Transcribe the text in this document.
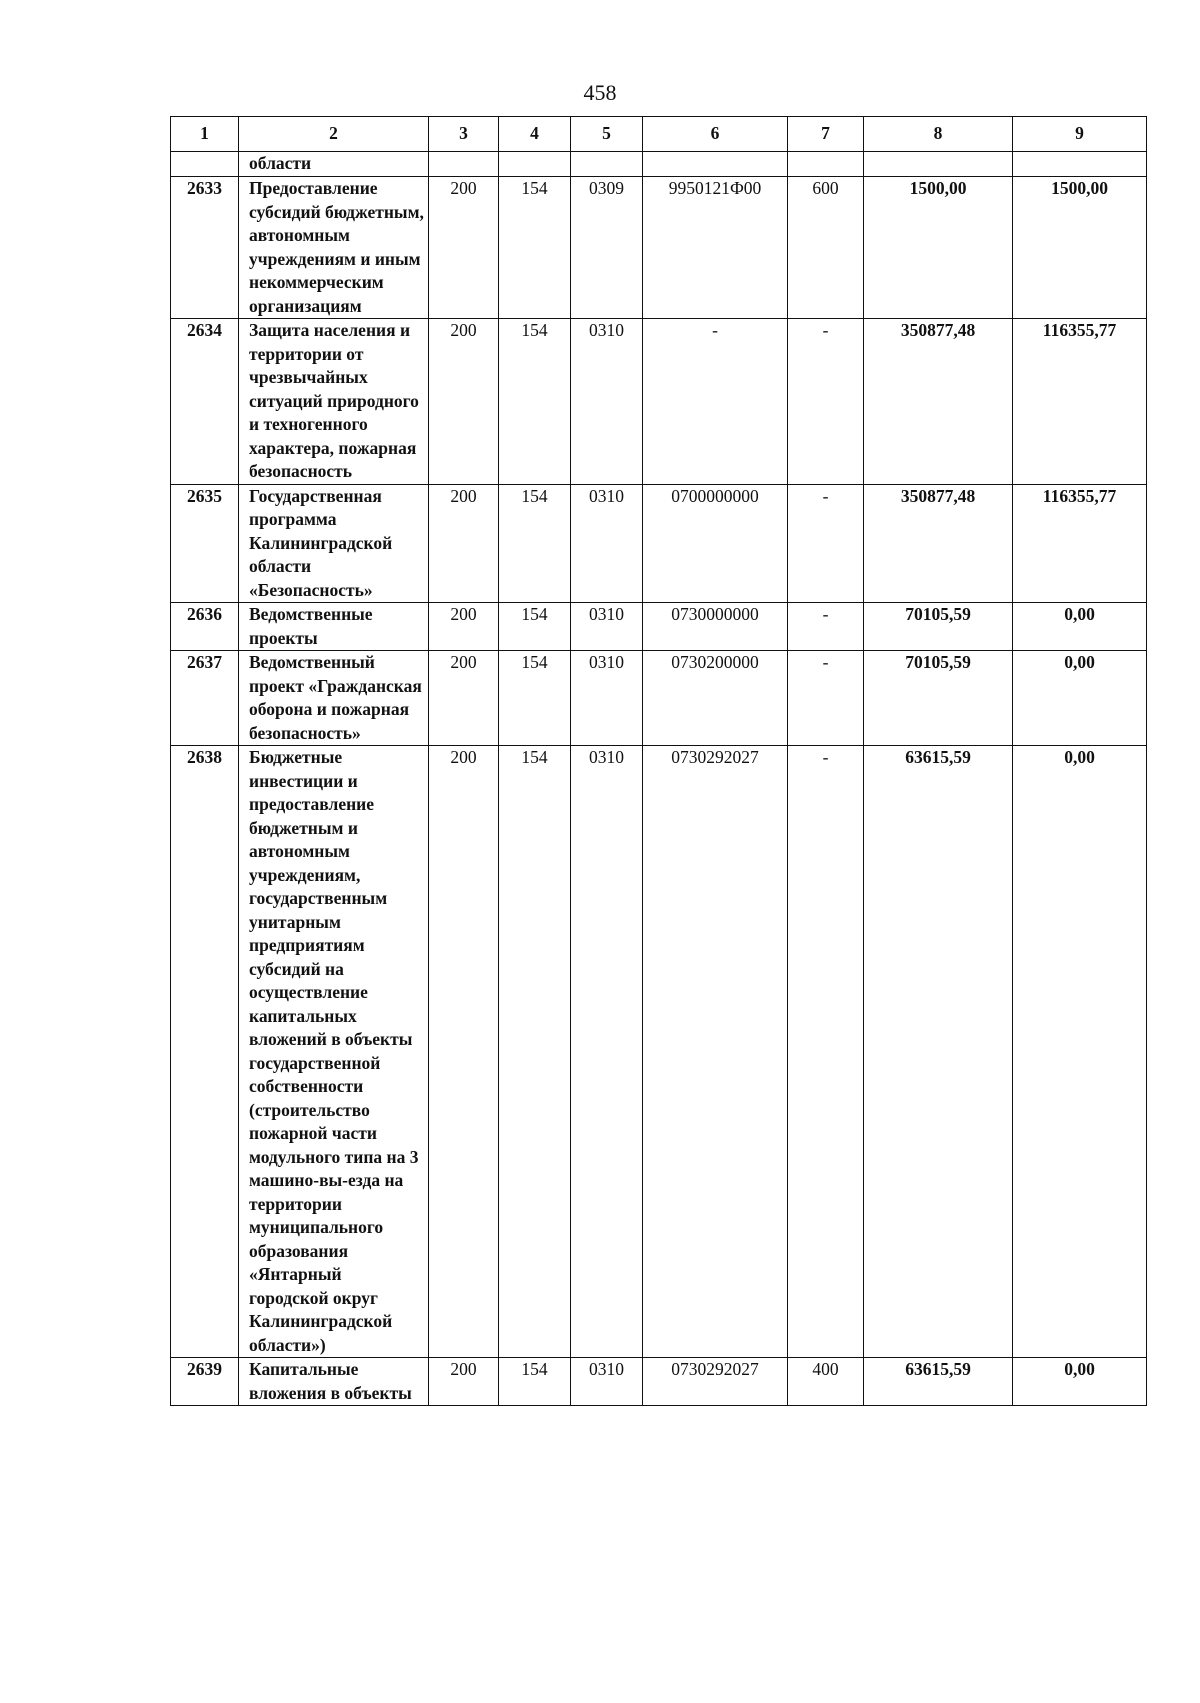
458
1	2	3	4	5	6	7	8	9
	области							
2633	Предоставление субсидий бюджетным, автономным учреждениям и иным некоммерческим организациям	200	154	0309	9950121Ф00	600	1500,00	1500,00
2634	Защита населения и территории от чрезвычайных ситуаций природного и техногенного характера, пожарная безопасность	200	154	0310	-	-	350877,48	116355,77
2635	Государственная программа Калининградской области «Безопасность»	200	154	0310	0700000000	-	350877,48	116355,77
2636	Ведомственные проекты	200	154	0310	0730000000	-	70105,59	0,00
2637	Ведомственный проект «Гражданская оборона и пожарная безопасность»	200	154	0310	0730200000	-	70105,59	0,00
2638	Бюджетные инвестиции и предоставление бюджетным и автономным учреждениям, государственным унитарным предприятиям субсидий на осуществление капитальных вложений в объекты государственной собственности (строительство пожарной части модульного типа на 3 машино-вы-езда на территории муниципального образования «Янтарный городской округ Калининградской области»)	200	154	0310	0730292027	-	63615,59	0,00
2639	Капитальные вложения в объекты	200	154	0310	0730292027	400	63615,59	0,00
